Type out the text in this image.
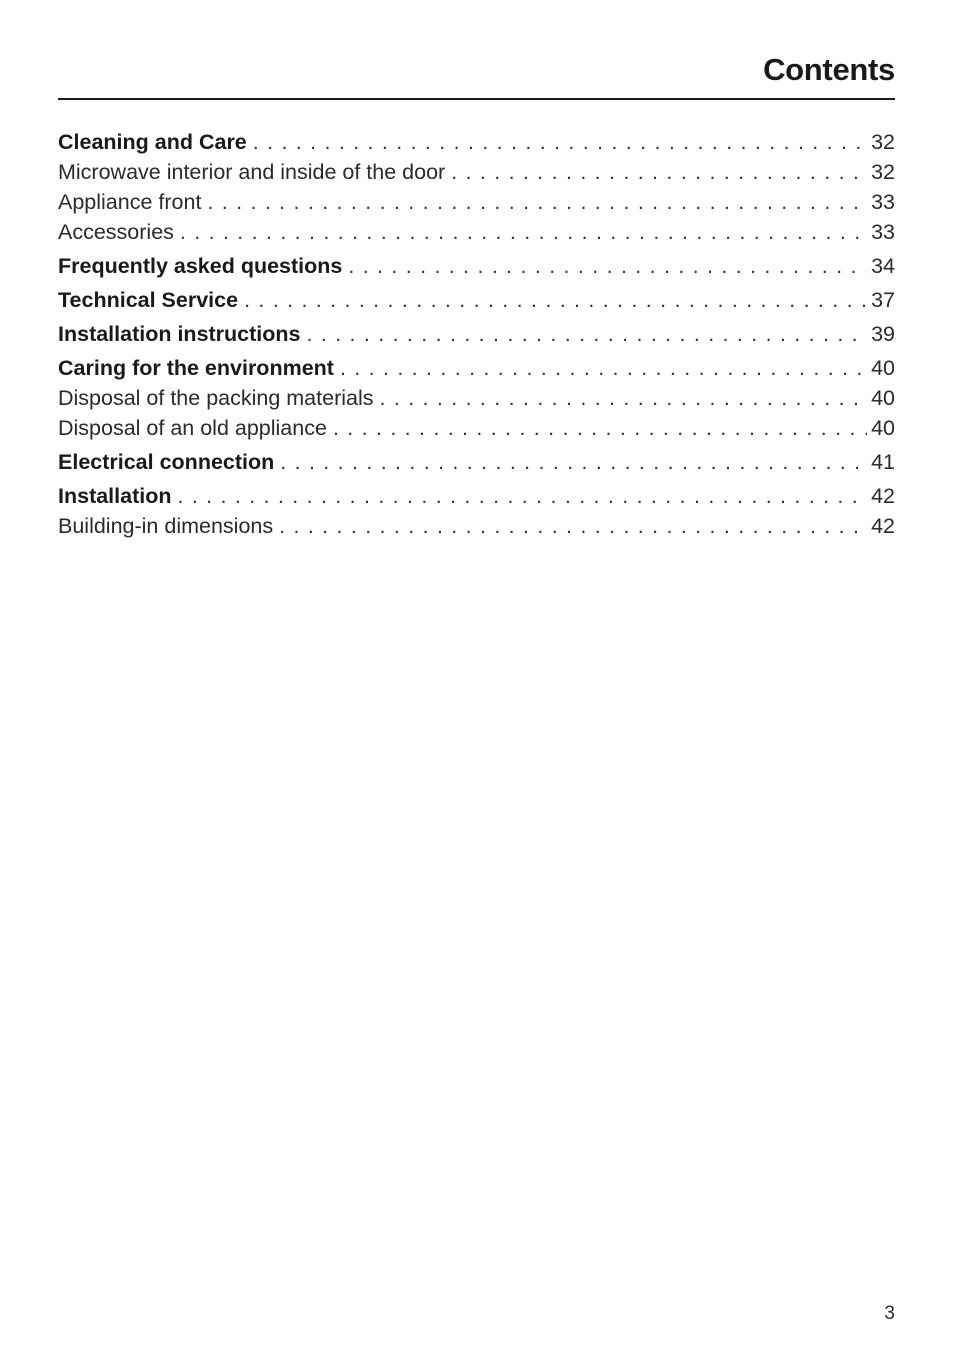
Contents
Cleaning and Care . . .	32
Microwave interior and inside of the door . . .	32
Appliance front . . .	33
Accessories . . .	33
Frequently asked questions . . .	34
Technical Service . . .	37
Installation instructions . . .	39
Caring for the environment . . .	40
Disposal of the packing materials . . .	40
Disposal of an old appliance . . .	40
Electrical connection . . .	41
Installation . . .	42
Building-in dimensions . . .	42
3
